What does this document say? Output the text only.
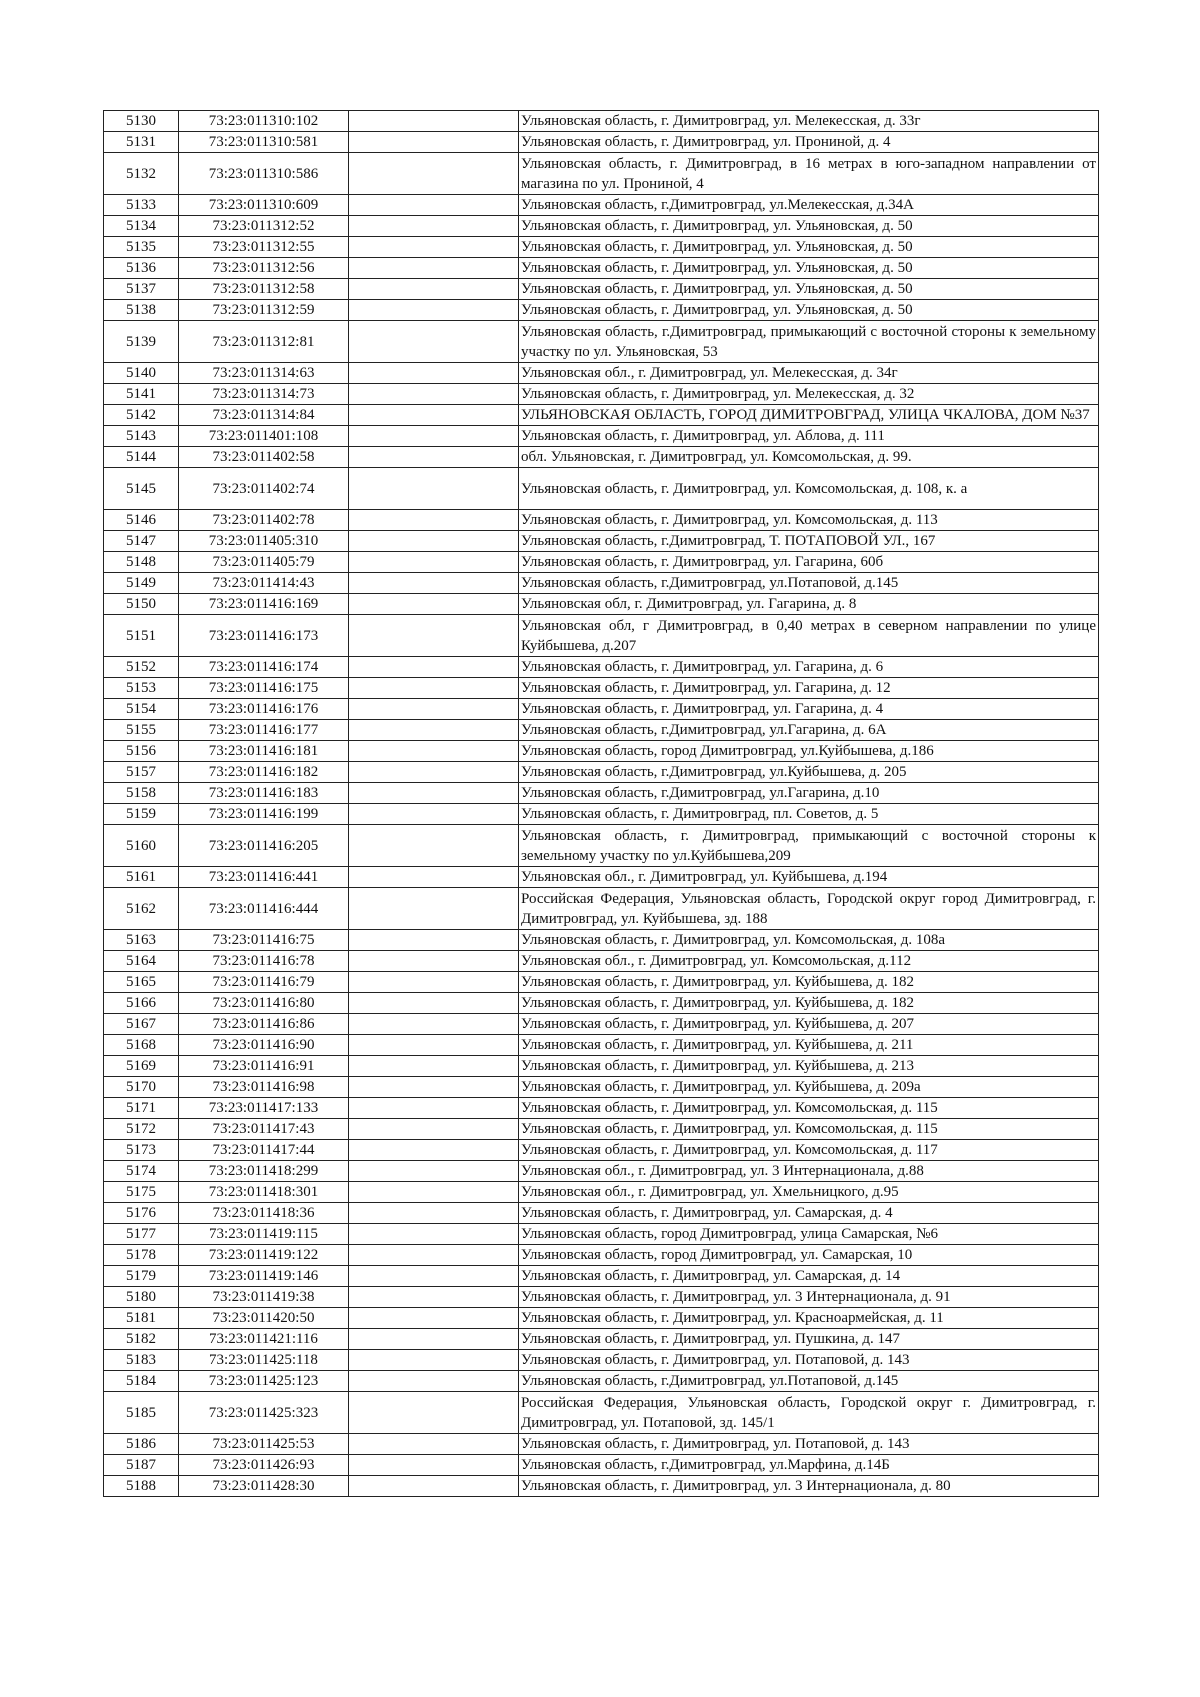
5130	73:23:011310:102		Ульяновская область, г. Димитровград, ул. Мелекесская, д. 33г
5131	73:23:011310:581		Ульяновская область, г. Димитровград, ул. Прониной, д. 4
5132	73:23:011310:586		Ульяновская область, г. Димитровград, в 16 метрах в юго-западном направлении от магазина по ул. Прониной, 4
5133	73:23:011310:609		Ульяновская область, г.Димитровград, ул.Мелекесская, д.34А
5134	73:23:011312:52		Ульяновская область, г. Димитровград, ул. Ульяновская, д. 50
5135	73:23:011312:55		Ульяновская область, г. Димитровград, ул. Ульяновская, д. 50
5136	73:23:011312:56		Ульяновская область, г. Димитровград, ул. Ульяновская, д. 50
5137	73:23:011312:58		Ульяновская область, г. Димитровград, ул. Ульяновская, д. 50
5138	73:23:011312:59		Ульяновская область, г. Димитровград, ул. Ульяновская, д. 50
5139	73:23:011312:81		Ульяновская область, г.Димитровград, примыкающий с восточной стороны к земельному участку по ул. Ульяновская, 53
5140	73:23:011314:63		Ульяновская обл., г. Димитровград, ул. Мелекесская, д. 34г
5141	73:23:011314:73		Ульяновская область, г. Димитровград, ул. Мелекесская, д. 32
5142	73:23:011314:84		УЛЬЯНОВСКАЯ ОБЛАСТЬ, ГОРОД ДИМИТРОВГРАД, УЛИЦА ЧКАЛОВА, ДОМ №37
5143	73:23:011401:108		Ульяновская область, г. Димитровград, ул. Аблова, д. 111
5144	73:23:011402:58		обл. Ульяновская, г. Димитровград, ул. Комсомольская, д. 99.
5145	73:23:011402:74		Ульяновская область, г. Димитровград, ул. Комсомольская, д. 108, к. а
5146	73:23:011402:78		Ульяновская область, г. Димитровград, ул. Комсомольская, д. 113
5147	73:23:011405:310		Ульяновская область, г.Димитровград, Т. ПОТАПОВОЙ УЛ., 167
5148	73:23:011405:79		Ульяновская область, г. Димитровград, ул. Гагарина, 60б
5149	73:23:011414:43		Ульяновская область, г.Димитровград, ул.Потаповой, д.145
5150	73:23:011416:169		Ульяновская обл, г. Димитровград, ул. Гагарина, д. 8
5151	73:23:011416:173		Ульяновская обл, г Димитровград, в 0,40 метрах в северном направлении по улице Куйбышева, д.207
5152	73:23:011416:174		Ульяновская область, г. Димитровград, ул. Гагарина, д. 6
5153	73:23:011416:175		Ульяновская область, г. Димитровград, ул. Гагарина, д. 12
5154	73:23:011416:176		Ульяновская область, г. Димитровград, ул. Гагарина, д. 4
5155	73:23:011416:177		Ульяновская область, г.Димитровград, ул.Гагарина, д. 6А
5156	73:23:011416:181		Ульяновская область, город Димитровград, ул.Куйбышева, д.186
5157	73:23:011416:182		Ульяновская область, г.Димитровград, ул.Куйбышева, д. 205
5158	73:23:011416:183		Ульяновская область, г.Димитровград, ул.Гагарина, д.10
5159	73:23:011416:199		Ульяновская область, г. Димитровград, пл. Советов, д. 5
5160	73:23:011416:205		Ульяновская область, г. Димитровград, примыкающий с восточной стороны к земельному участку по ул.Куйбышева,209
5161	73:23:011416:441		Ульяновская обл., г. Димитровград, ул. Куйбышева, д.194
5162	73:23:011416:444		Российская Федерация, Ульяновская область, Городской округ город Димитровград, г. Димитровград, ул. Куйбышева, зд. 188
5163	73:23:011416:75		Ульяновская область, г. Димитровград, ул. Комсомольская, д. 108а
5164	73:23:011416:78		Ульяновская обл., г. Димитровград, ул. Комсомольская, д.112
5165	73:23:011416:79		Ульяновская область, г. Димитровград, ул. Куйбышева, д. 182
5166	73:23:011416:80		Ульяновская область, г. Димитровград, ул. Куйбышева, д. 182
5167	73:23:011416:86		Ульяновская область, г. Димитровград, ул. Куйбышева, д. 207
5168	73:23:011416:90		Ульяновская область, г. Димитровград, ул. Куйбышева, д. 211
5169	73:23:011416:91		Ульяновская область, г. Димитровград, ул. Куйбышева, д. 213
5170	73:23:011416:98		Ульяновская область, г. Димитровград, ул. Куйбышева, д. 209а
5171	73:23:011417:133		Ульяновская область, г. Димитровград, ул. Комсомольская, д. 115
5172	73:23:011417:43		Ульяновская область, г. Димитровград, ул. Комсомольская, д. 115
5173	73:23:011417:44		Ульяновская область, г. Димитровград, ул. Комсомольская, д. 117
5174	73:23:011418:299		Ульяновская обл., г. Димитровград, ул. 3 Интернационала, д.88
5175	73:23:011418:301		Ульяновская обл., г. Димитровград, ул. Хмельницкого, д.95
5176	73:23:011418:36		Ульяновская область, г. Димитровград, ул. Самарская, д. 4
5177	73:23:011419:115		Ульяновская область, город Димитровград, улица Самарская, №6
5178	73:23:011419:122		Ульяновская область, город Димитровград, ул. Самарская, 10
5179	73:23:011419:146		Ульяновская область, г. Димитровград, ул. Самарская, д. 14
5180	73:23:011419:38		Ульяновская область, г. Димитровград, ул. 3 Интернационала, д. 91
5181	73:23:011420:50		Ульяновская область, г. Димитровград, ул. Красноармейская, д. 11
5182	73:23:011421:116		Ульяновская область, г. Димитровград, ул. Пушкина, д. 147
5183	73:23:011425:118		Ульяновская область, г. Димитровград, ул. Потаповой, д. 143
5184	73:23:011425:123		Ульяновская область, г.Димитровград, ул.Потаповой, д.145
5185	73:23:011425:323		Российская Федерация, Ульяновская область, Городской округ г. Димитровград, г. Димитровград, ул. Потаповой, зд. 145/1
5186	73:23:011425:53		Ульяновская область, г. Димитровград, ул. Потаповой, д. 143
5187	73:23:011426:93		Ульяновская область, г.Димитровград, ул.Марфина, д.14Б
5188	73:23:011428:30		Ульяновская область, г. Димитровград, ул. 3 Интернационала, д. 80
